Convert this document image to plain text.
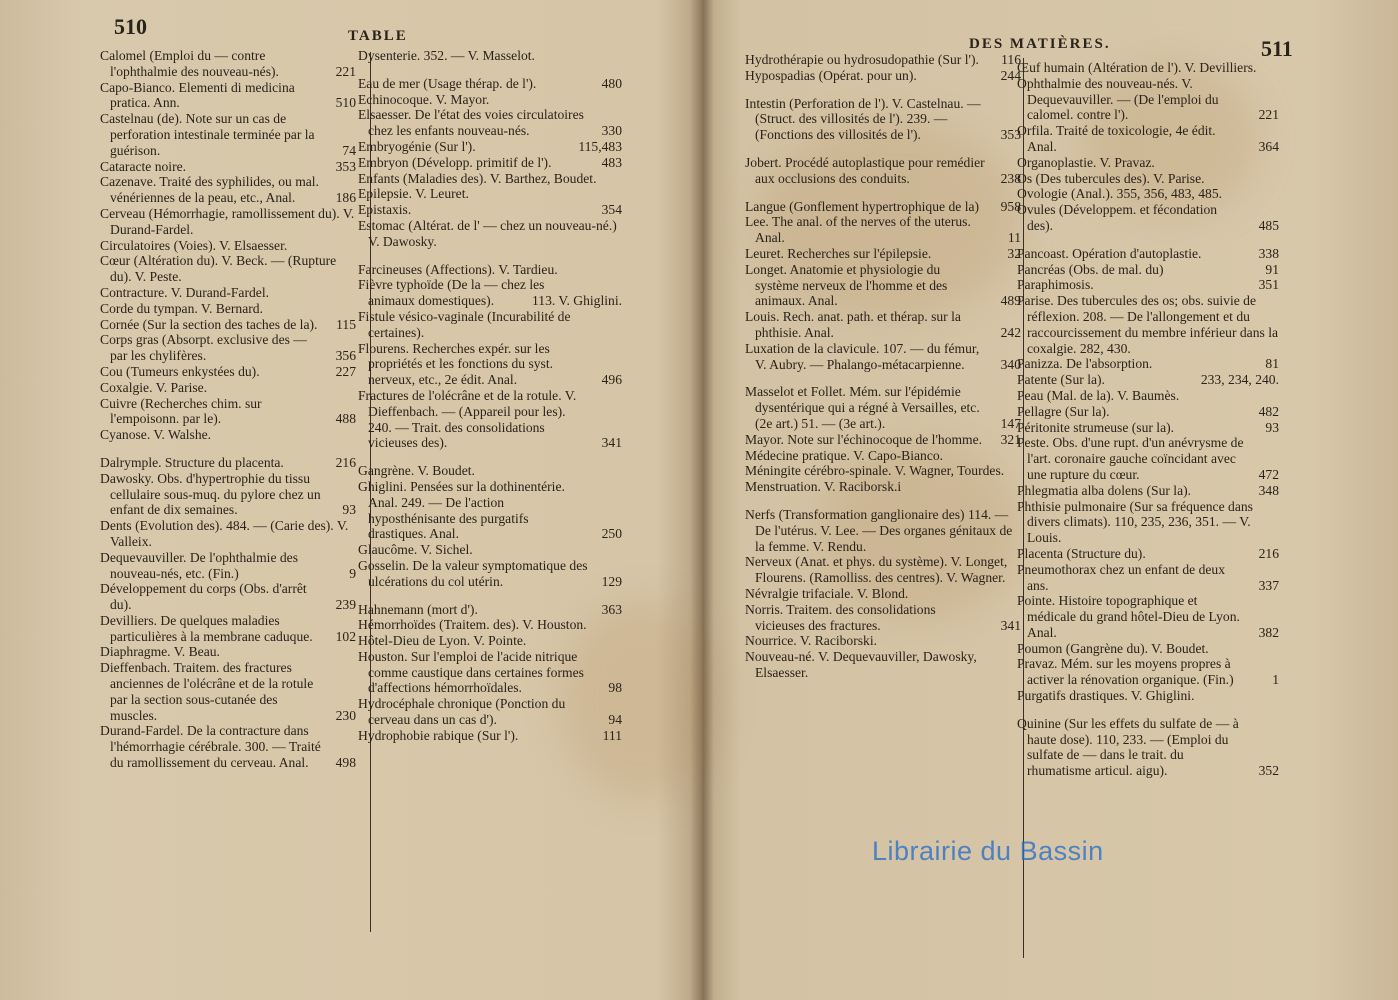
510	TABLE
Calomel (Emploi du — contre l'ophthalmie des nouveau-nés).	221
Capo-Bianco. Elementi di medicina pratica. Ann.	510
Castelnau (de). Note sur un cas de perforation intestinale terminée par la guérison.	74
Cataracte noire.	353
Cazenave. Traité des syphilides, ou mal. vénériennes de la peau, etc., Anal.	186
Cerveau (Hémorrhagie, ramollissement du). V. Durand-Fardel.
Circulatoires (Voies). V. Elsaesser.
Cœur (Altération du). V. Beck. — (Rupture du). V. Peste.
Contracture. V. Durand-Fardel.
Corde du tympan. V. Bernard.
Cornée (Sur la section des taches de la).	115
Corps gras (Absorpt. exclusive des — par les chylifères.	356
Cou (Tumeurs enkystées du).	227
Coxalgie. V. Parise.
Cuivre (Recherches chim. sur l'empoisonn. par le).	488
Cyanose. V. Walshe.
Dalrymple. Structure du placenta.	216
Dawosky. Obs. d'hypertrophie du tissu cellulaire sous-muq. du pylore chez un enfant de dix semaines.	93
Dents (Evolution des). 484. — (Carie des). V. Valleix.
Dequevauviller. De l'ophthalmie des nouveau-nés, etc. (Fin.)	9
Développement du corps (Obs. d'arrêt du).	239
Devilliers. De quelques maladies particulières à la membrane caduque.	102
Diaphragme. V. Beau.
Dieffenbach. Traitem. des fractures anciennes de l'olécrâne et de la rotule par la section sous-cutanée des muscles.	230
Durand-Fardel. De la contracture dans l'hémorrhagie cérébrale. 300. — Traité du ramollissement du cerveau. Anal.	498
Dysenterie. 352. — V. Masselot.
Eau de mer (Usage thérap. de l').	480
Echinocoque. V. Mayor.
Elsaesser. De l'état des voies circulatoires chez les enfants nouveau-nés.	330
Embryogénie (Sur l').	115,483
Embryon (Développ. primitif de l').	483
Enfants (Maladies des). V. Barthez, Boudet.
Epilepsie. V. Leuret.
Epistaxis.	354
Estomac (Altérat. de l' — chez un nouveau-né.) V. Dawosky.
Farcineuses (Affections). V. Tardieu.
Fièvre typhoïde (De la — chez les animaux domestiques).	113. V. Ghiglini.
Fistule vésico-vaginale (Incurabilité de certaines).
Flourens. Recherches expér. sur les propriétés et les fonctions du syst. nerveux, etc., 2e édit. Anal.	496
Fractures de l'olécrâne et de la rotule. V. Dieffenbach. — (Appareil pour les). 240. — Trait. des consolidations vicieuses des).	341
Gangrène. V. Boudet.
Ghiglini. Pensées sur la dothinentérie. Anal. 249. — De l'action hyposthénisante des purgatifs drastiques. Anal.	250
Glaucôme. V. Sichel.
Gosselin. De la valeur symptomatique des ulcérations du col utérin.	129
Hahnemann (mort d').	363
Hémorrhoïdes (Traitem. des). V. Houston.
Hôtel-Dieu de Lyon. V. Pointe.
Houston. Sur l'emploi de l'acide nitrique comme caustique dans certaines formes d'affections hémorrhoïdales.	98
Hydrocéphale chronique (Ponction du cerveau dans un cas d').	94
Hydrophobie rabique (Sur l').	111
DES MATIÈRES.	511
Hydrothérapie ou hydrosudopathie (Sur l').	116
Hypospadias (Opérat. pour un).	244
Intestin (Perforation de l'). V. Castelnau. — (Struct. des villosités de l'). 239. — (Fonctions des villosités de l').	353
Jobert. Procédé autoplastique pour remédier aux occlusions des conduits.	238
Langue (Gonflement hypertrophique de la)	958
Lee. The anal. of the nerves of the uterus. Anal.	11
Leuret. Recherches sur l'épilepsie.	32
Longet. Anatomie et physiologie du système nerveux de l'homme et des animaux. Anal.	489
Louis. Rech. anat. path. et thérap. sur la phthisie. Anal.	242
Luxation de la clavicule. 107. — du fémur, V. Aubry. — Phalango-métacarpienne.	340
Masselot et Follet. Mém. sur l'épidémie dysentérique qui a régné à Versailles, etc. (2e art.) 51. — (3e art.).	147
Mayor. Note sur l'échinocoque de l'homme.	321
Médecine pratique. V. Capo-Bianco.
Méningite cérébro-spinale. V. Wagner, Tourdes.
Menstruation. V. Raciborsk.i
Nerfs (Transformation ganglionaire des) 114. — De l'utérus. V. Lee. — Des organes génitaux de la femme. V. Rendu.
Nerveux (Anat. et phys. du système). V. Longet, Flourens. (Ramolliss. des centres). V. Wagner.
Névralgie trifaciale. V. Blond.
Norris. Traitem. des consolidations vicieuses des fractures.	341
Nourrice. V. Raciborski.
Nouveau-né. V. Dequevauviller, Dawosky, Elsaesser.
Œuf humain (Altération de l'). V. Devilliers.
Ophthalmie des nouveau-nés. V. Dequevauviller. — (De l'emploi du calomel. contre l').	221
Orfila. Traité de toxicologie, 4e édit. Anal.	364
Organoplastie. V. Pravaz.
Os (Des tubercules des). V. Parise.
Ovologie (Anal.). 355, 356, 483, 485.
Ovules (Développem. et fécondation des).	485
Pancoast. Opération d'autoplastie.	338
Pancréas (Obs. de mal. du)	91
Paraphimosis.	351
Parise. Des tubercules des os; obs. suivie de réflexion. 208. — De l'allongement et du raccourcissement du membre inférieur dans la coxalgie. 282, 430.
Panizza. De l'absorption.	81
Patente (Sur la).	233, 234, 240.
Peau (Mal. de la). V. Baumès.
Pellagre (Sur la).	482
Péritonite strumeuse (sur la).	93
Peste. Obs. d'une rupt. d'un anévrysme de l'art. coronaire gauche coïncidant avec une rupture du cœur.	472
Phlegmatia alba dolens (Sur la).	348
Phthisie pulmonaire (Sur sa fréquence dans divers climats). 110, 235, 236, 351. — V. Louis.
Placenta (Structure du).	216
Pneumothorax chez un enfant de deux ans.	337
Pointe. Histoire topographique et médicale du grand hôtel-Dieu de Lyon. Anal.	382
Poumon (Gangrène du). V. Boudet.
Pravaz. Mém. sur les moyens propres à activer la rénovation organique. (Fin.)	1
Purgatifs drastiques. V. Ghiglini.
Quinine (Sur les effets du sulfate de — à haute dose). 110, 233. — (Emploi du sulfate de — dans le trait. du rhumatisme articul. aigu).	352
Librairie du Bassin
